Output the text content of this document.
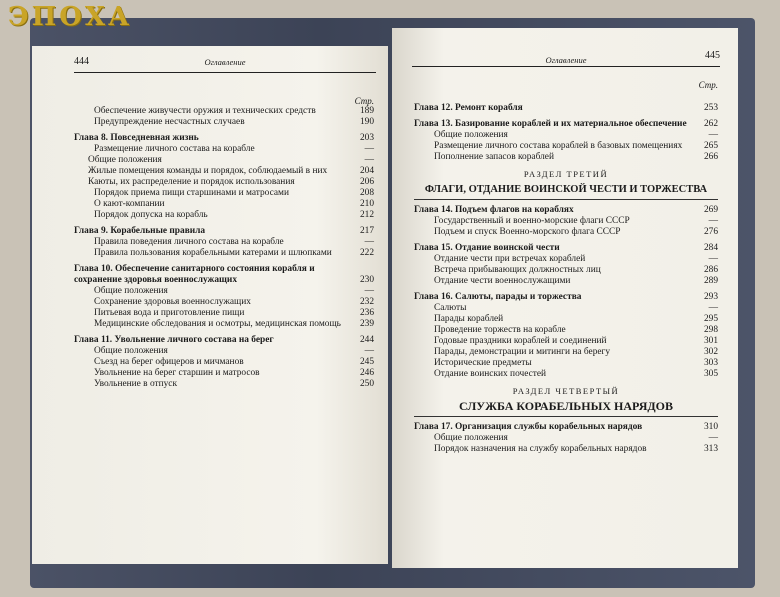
ЭПОХА
444	Оглавление
Стр.
Обеспечение живучести оружия и технических средств	189
Предупреждение несчастных случаев	190
Глава 8. Повседневная жизнь	203
Размещение личного состава на корабле	—
Общие положения	—
Жилые помещения команды и порядок, соблюдаемый в них	204
Каюты, их распределение и порядок использования	206
Порядок приема пищи старшинами и матросами	208
О кают-компании	210
Порядок допуска на корабль	212
Глава 9. Корабельные правила	217
Правила поведения личного состава на корабле	—
Правила пользования корабельными катерами и шлюпками	222
Глава 10. Обеспечение санитарного состояния корабля и сохранение здоровья военнослужащих	230
Общие положения	—
Сохранение здоровья военнослужащих	232
Питьевая вода и приготовление пищи	236
Медицинские обследования и осмотры, медицинская помощь	239
Глава 11. Увольнение личного состава на берег	244
Общие положения	—
Съезд на берег офицеров и мичманов	245
Увольнение на берег старшин и матросов	246
Увольнение в отпуск	250
Оглавление	445
Стр.
Глава 12. Ремонт корабля	253
Глава 13. Базирование кораблей и их материальное обеспечение	262
Общие положения	—
Размещение личного состава кораблей в базовых помещениях	265
Пополнение запасов кораблей	266
РАЗДЕЛ ТРЕТИЙ
ФЛАГИ, ОТДАНИЕ ВОИНСКОЙ ЧЕСТИ И ТОРЖЕСТВА
Глава 14. Подъем флагов на кораблях	269
Государственный и военно-морские флаги СССР	—
Подъем и спуск Военно-морского флага СССР	276
Глава 15. Отдание воинской чести	284
Отдание чести при встречах кораблей	—
Встреча прибывающих должностных лиц	286
Отдание чести военнослужащими	289
Глава 16. Салюты, парады и торжества	293
Салюты	—
Парады кораблей	295
Проведение торжеств на корабле	298
Годовые праздники кораблей и соединений	301
Парады, демонстрации и митинги на берегу	302
Исторические предметы	303
Отдание воинских почестей	305
РАЗДЕЛ ЧЕТВЕРТЫЙ
СЛУЖБА КОРАБЕЛЬНЫХ НАРЯДОВ
Глава 17. Организация службы корабельных нарядов	310
Общие положения	—
Порядок назначения на службу корабельных нарядов	313
